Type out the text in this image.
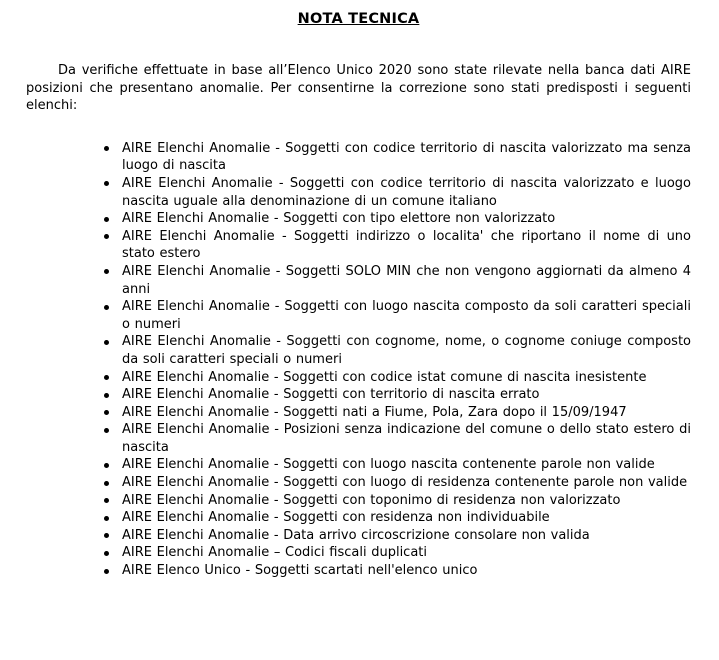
NOTA TECNICA

Da verifiche effettuate in base all’Elenco Unico 2020 sono state rilevate nella banca dati AIRE posizioni che presentano anomalie. Per consentirne la correzione sono stati predisposti i seguenti elenchi:

AIRE Elenchi Anomalie - Soggetti con codice territorio di nascita valorizzato ma senza luogo di nascita
AIRE Elenchi Anomalie - Soggetti con codice territorio di nascita valorizzato e luogo nascita uguale alla denominazione di un comune italiano
AIRE Elenchi Anomalie - Soggetti con tipo elettore non valorizzato
AIRE Elenchi Anomalie - Soggetti indirizzo o localita' che riportano il nome di uno stato estero
AIRE Elenchi Anomalie - Soggetti SOLO MIN che non vengono aggiornati da almeno 4 anni
AIRE Elenchi Anomalie - Soggetti con luogo nascita composto da soli caratteri speciali o numeri
AIRE Elenchi Anomalie - Soggetti con cognome, nome, o cognome coniuge composto da soli caratteri speciali o numeri
AIRE Elenchi Anomalie - Soggetti con codice istat comune di nascita inesistente
AIRE Elenchi Anomalie - Soggetti con territorio di nascita errato
AIRE Elenchi Anomalie - Soggetti nati a Fiume, Pola, Zara dopo il 15/09/1947
AIRE Elenchi Anomalie - Posizioni senza indicazione del comune o dello stato estero di nascita
AIRE Elenchi Anomalie - Soggetti con luogo nascita contenente parole non valide
AIRE Elenchi Anomalie - Soggetti con luogo di residenza contenente parole non valide
AIRE Elenchi Anomalie - Soggetti con toponimo di residenza non valorizzato
AIRE Elenchi Anomalie - Soggetti con residenza non individuabile
AIRE Elenchi Anomalie - Data arrivo circoscrizione consolare non valida
AIRE Elenchi Anomalie – Codici fiscali duplicati
AIRE Elenco Unico - Soggetti scartati nell'elenco unico
